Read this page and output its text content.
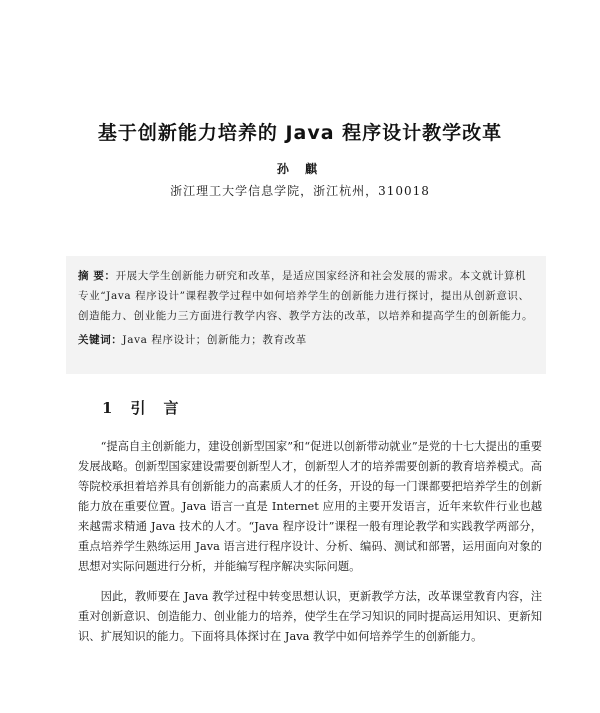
基于创新能力培养的 Java 程序设计教学改革
孙 麒
浙江理工大学信息学院，浙江杭州，310018

摘 要：开展大学生创新能力研究和改革，是适应国家经济和社会发展的需求。本文就计算机专业“Java 程序设计”课程教学过程中如何培养学生的创新能力进行探讨，提出从创新意识、创造能力、创业能力三方面进行教学内容、教学方法的改革，以培养和提高学生的创新能力。

关键词：Java 程序设计；创新能力；教育改革

1 引言

“提高自主创新能力，建设创新型国家”和“促进以创新带动就业”是党的十七大提出的重要发展战略。创新型国家建设需要创新型人才，创新型人才的培养需要创新的教育培养模式。高等院校承担着培养具有创新能力的高素质人才的任务，开设的每一门课都要把培养学生的创新能力放在重要位置。Java 语言一直是 Internet 应用的主要开发语言，近年来软件行业也越来越需求精通 Java 技术的人才。“Java 程序设计”课程一般有理论教学和实践教学两部分，重点培养学生熟练运用 Java 语言进行程序设计、分析、编码、测试和部署，运用面向对象的思想对实际问题进行分析，并能编写程序解决实际问题。

因此，教师要在 Java 教学过程中转变思想认识，更新教学方法，改革课堂教育内容，注重对创新意识、创造能力、创业能力的培养，使学生在学习知识的同时提高运用知识、更新知识、扩展知识的能力。下面将具体探讨在 Java 教学中如何培养学生的创新能力。
